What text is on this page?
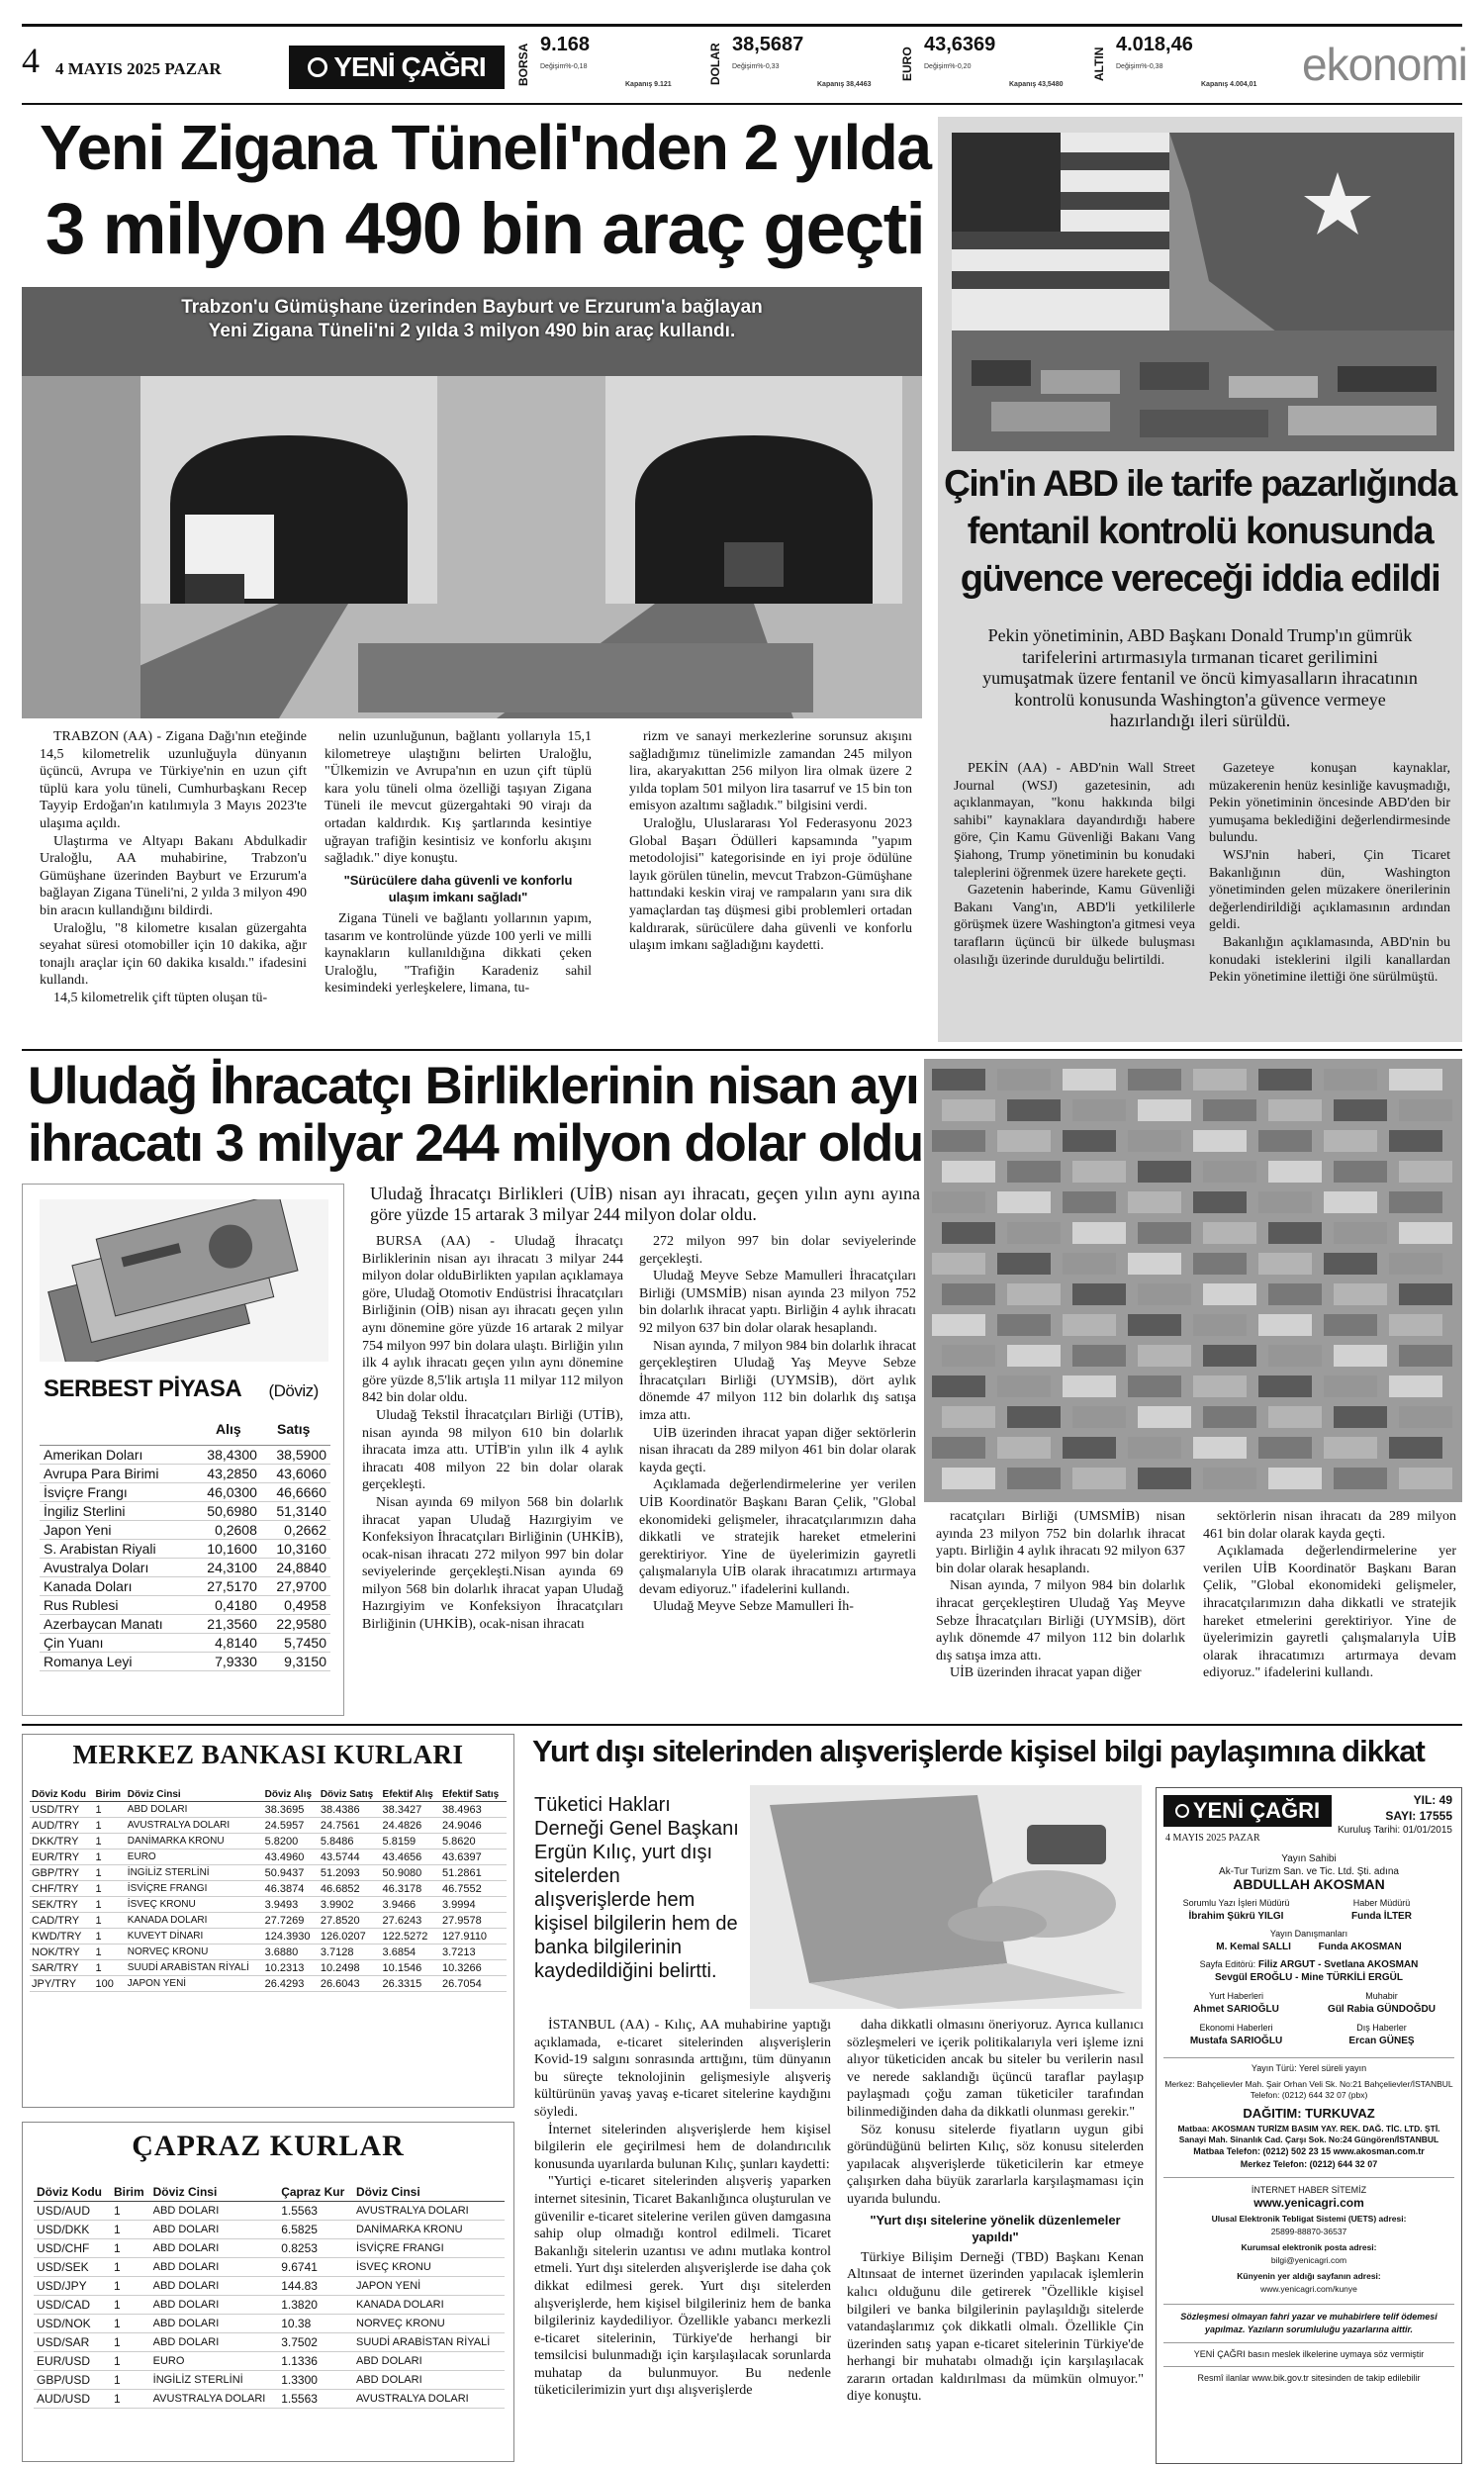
4 4 MAYIS 2025 PAZAR	YENİ ÇAĞRI	BORSA 9.168
Değişim%-0,18
Kapanış 9.121	DOLAR 38,5687
Değişim%-0,33
Kapanış 38,4463
EURO
43,6369
Değişim%-0,20
Kapanış 43,5480
ALTIN
4.018,46
Değişim%-0,38
Kapanış 4.004,01 ekonomi
Yeni Zigana Tüneli'nden 2 yılda
3 milyon 490 bin araç geçti
Trabzon'u Gümüşhane üzerinden Bayburt ve Erzurum'a bağlayan
Yeni Zigana Tüneli'ni 2 yılda 3 milyon 490 bin araç kullandı.

TRABZON (AA) - Zigana Dağı'nın eteğinde 14,5 kilometrelik uzunluğuyla dünyanın üçüncü, Avrupa ve Türkiye'nin en uzun çift tüplü kara yolu tüneli, Cumhurbaşkanı Recep Tayyip Erdoğan'ın katılımıyla 3 Mayıs 2023'te ulaşıma açıldı.

Ulaştırma ve Altyapı Bakanı Abdulkadir Uraloğlu, AA muhabirine, Trabzon'u Gümüşhane üzerinden Bayburt ve Erzurum'a bağlayan Zigana Tüneli'ni, 2 yılda 3 milyon 490 bin aracın kullandığını bildirdi.

Uraloğlu, "8 kilometre kısalan güzergahta seyahat süresi otomobiller için 10 dakika, ağır tonajlı araçlar için 60 dakika kısaldı." ifadesini kullandı.

14,5 kilometrelik çift tüpten oluşan tü-

nelin uzunluğunun, bağlantı yollarıyla 15,1 kilometreye ulaştığını belirten Uraloğlu, "Ülkemizin ve Avrupa'nın en uzun çift tüplü kara yolu tüneli olma özelliği taşıyan Zigana Tüneli ile mevcut güzergahtaki 90 virajı da ortadan kaldırdık. Kış şartlarında kesintiye uğrayan trafiğin kesintisiz ve konforlu akışını sağladık." diye konuştu.

"Sürücülere daha güvenli ve konforlu ulaşım imkanı sağladı"

Zigana Tüneli ve bağlantı yollarının yapım, tasarım ve kontrolünde yüzde 100 yerli ve milli kaynakların kullanıldığına dikkati çeken Uraloğlu, "Trafiğin Karadeniz sahil kesimindeki yerleşkelere, limana, tu-

rizm ve sanayi merkezlerine sorunsuz akışını sağladığımız tünelimizle zamandan 245 milyon lira, akaryakıttan 256 milyon lira olmak üzere 2 yılda toplam 501 milyon lira tasarruf ve 15 bin ton emisyon azaltımı sağladık." bilgisini verdi.

Uraloğlu, Uluslararası Yol Federasyonu 2023 Global Başarı Ödülleri kapsamında "yapım metodolojisi" kategorisinde en iyi proje ödülüne layık görülen tünelin, mevcut Trabzon-Gümüşhane hattındaki keskin viraj ve rampaların yanı sıra dik yamaçlardan taş düşmesi gibi problemleri ortadan kaldırarak, sürücülere daha güvenli ve konforlu ulaşım imkanı sağladığını kaydetti.

Çin'in ABD ile tarife pazarlığında
fentanil kontrolü konusunda
güvence vereceği iddia edildi
Pekin yönetiminin, ABD Başkanı Donald Trump'ın gümrük tarifelerini artırmasıyla tırmanan ticaret gerilimini yumuşatmak üzere fentanil ve öncü kimyasalların ihracatının kontrolü konusunda Washington'a güvence vermeye hazırlandığı ileri sürüldü.

PEKİN (AA) - ABD'nin Wall Street Journal (WSJ) gazetesinin, adı açıklanmayan, "konu hakkında bilgi sahibi" kaynaklara dayandırdığı habere göre, Çin Kamu Güvenliği Bakanı Vang Şiahong, Trump yönetiminin bu konudaki taleplerini öğrenmek üzere harekete geçti.

Gazetenin haberinde, Kamu Güvenliği Bakanı Vang'ın, ABD'li yetkililerle görüşmek üzere Washington'a gitmesi veya tarafların üçüncü bir ülkede buluşması olasılığı üzerinde durulduğu belirtildi.

Gazeteye konuşan kaynaklar, müzakerenin henüz kesinliğe kavuşmadığı, Pekin yönetiminin öncesinde ABD'den bir yumuşama beklediğini değerlendirmesinde bulundu.

WSJ'nin haberi, Çin Ticaret Bakanlığının dün, Washington yönetiminden gelen müzakere önerilerinin değerlendirildiği açıklamasının ardından geldi.

Bakanlığın açıklamasında, ABD'nin bu konudaki isteklerini ilgili kanallardan Pekin yönetimine ilettiği öne sürülmüştü.

Uludağ İhracatçı Birliklerinin nisan ayı
ihracatı 3 milyar 244 milyon dolar oldu
SERBEST PİYASA (Döviz)
Alış	Satış
Amerikan Doları	38,4300	38,5900
Avrupa Para Birimi	43,2850	43,6060
İsviçre Frangı	46,0300	46,6660
İngiliz Sterlini	50,6980	51,3140
Japon Yeni	0,2608	0,2662
S. Arabistan Riyali	10,1600	10,3160
Avustralya Doları	24,3100	24,8840
Kanada Doları	27,5170	27,9700
Rus Rublesi	0,4180	0,4958
Azerbaycan Manatı	21,3560	22,9580
Çin Yuanı	4,8140	5,7450
Romanya Leyi	7,9330	9,3150
Uludağ İhracatçı Birlikleri (UİB) nisan ayı ihracatı, geçen yılın aynı ayına göre yüzde 15 artarak 3 milyar 244 milyon dolar oldu.

BURSA (AA) - Uludağ İhracatçı Birliklerinin nisan ayı ihracatı 3 milyar 244 milyon dolar olduBirlikten yapılan açıklamaya göre, Uludağ Otomotiv Endüstrisi İhracatçıları Birliğinin (OİB) nisan ayı ihracatı geçen yılın aynı dönemine göre yüzde 16 artarak 2 milyar 754 milyon 997 bin dolara ulaştı. Birliğin yılın ilk 4 aylık ihracatı geçen yılın aynı dönemine göre yüzde 8,5'lik artışla 11 milyar 112 milyon 842 bin dolar oldu.

Uludağ Tekstil İhracatçıları Birliği (UTİB), nisan ayında 98 milyon 610 bin dolarlık ihracata imza attı. UTİB'in yılın ilk 4 aylık ihracatı 408 milyon 22 bin dolar olarak gerçekleşti.

Nisan ayında 69 milyon 568 bin dolarlık ihracat yapan Uludağ Hazırgiyim ve Konfeksiyon İhracatçıları Birliğinin (UHKİB), ocak-nisan ihracatı 272 milyon 997 bin dolar seviyelerinde gerçekleşti.Nisan ayında 69 milyon 568 bin dolarlık ihracat yapan Uludağ Hazırgiyim ve Konfeksiyon İhracatçıları Birliğinin (UHKİB), ocak-nisan ihracatı

272 milyon 997 bin dolar seviyelerinde gerçekleşti.

Uludağ Meyve Sebze Mamulleri İhracatçıları Birliği (UMSMİB) nisan ayında 23 milyon 752 bin dolarlık ihracat yaptı. Birliğin 4 aylık ihracatı 92 milyon 637 bin dolar olarak hesaplandı.

Nisan ayında, 7 milyon 984 bin dolarlık ihracat gerçekleştiren Uludağ Yaş Meyve Sebze İhracatçıları Birliği (UYMSİB), dört aylık dönemde 47 milyon 112 bin dolarlık dış satışa imza attı.

UİB üzerinden ihracat yapan diğer sektörlerin nisan ihracatı da 289 milyon 461 bin dolar olarak kayda geçti.

Açıklamada değerlendirmelerine yer verilen UİB Koordinatör Başkanı Baran Çelik, "Global ekonomideki gelişmeler, ihracatçılarımızın daha dikkatli ve stratejik hareket etmelerini gerektiriyor. Yine de üyelerimizin gayretli çalışmalarıyla UİB olarak ihracatımızı artırmaya devam ediyoruz." ifadelerini kullandı.

Uludağ Meyve Sebze Mamulleri İh-

racatçıları Birliği (UMSMİB) nisan ayında 23 milyon 752 bin dolarlık ihracat yaptı. Birliğin 4 aylık ihracatı 92 milyon 637 bin dolar olarak hesaplandı.

Nisan ayında, 7 milyon 984 bin dolarlık ihracat gerçekleştiren Uludağ Yaş Meyve Sebze İhracatçıları Birliği (UYMSİB), dört aylık dönemde 47 milyon 112 bin dolarlık dış satışa imza attı.

UİB üzerinden ihracat yapan diğer

sektörlerin nisan ihracatı da 289 milyon 461 bin dolar olarak kayda geçti.

Açıklamada değerlendirmelerine yer verilen UİB Koordinatör Başkanı Baran Çelik, "Global ekonomideki gelişmeler, ihracatçılarımızın daha dikkatli ve stratejik hareket etmelerini gerektiriyor. Yine de üyelerimizin gayretli çalışmalarıyla UİB olarak ihracatımızı artırmaya devam ediyoruz." ifadelerini kullandı.

MERKEZ BANKASI KURLARI
Döviz Kodu	Birim	Döviz Cinsi	Döviz Alış	Döviz Satış	Efektif Alış	Efektif Satış
USD/TRY	1	ABD DOLARI	38.3695	38.4386	38.3427	38.4963
AUD/TRY	1	AVUSTRALYA DOLARI	24.5957	24.7561	24.4826	24.9046
DKK/TRY	1	DANİMARKA KRONU	5.8200	5.8486	5.8159	5.8620
EUR/TRY	1	EURO	43.4960	43.5744	43.4656	43.6397
GBP/TRY	1	İNGİLİZ STERLİNİ	50.9437	51.2093	50.9080	51.2861
CHF/TRY	1	İSVİÇRE FRANGI	46.3874	46.6852	46.3178	46.7552
SEK/TRY	1	İSVEÇ KRONU	3.9493	3.9902	3.9466	3.9994
CAD/TRY	1	KANADA DOLARI	27.7269	27.8520	27.6243	27.9578
KWD/TRY	1	KUVEYT DİNARI	124.3930	126.0207	122.5272	127.9110
NOK/TRY	1	NORVEÇ KRONU	3.6880	3.7128	3.6854	3.7213
SAR/TRY	1	SUUDİ ARABİSTAN RİYALİ	10.2313	10.2498	10.1546	10.3266
JPY/TRY	100	JAPON YENİ	26.4293	26.6043	26.3315	26.7054
ÇAPRAZ KURLAR
Döviz Kodu	Birim	Döviz Cinsi	Çapraz Kur	Döviz Cinsi
USD/AUD	1	ABD DOLARI	1.5563	AVUSTRALYA DOLARI
USD/DKK	1	ABD DOLARI	6.5825	DANİMARKA KRONU
USD/CHF	1	ABD DOLARI	0.8253	İSVİÇRE FRANGI
USD/SEK	1	ABD DOLARI	9.6741	İSVEÇ KRONU
USD/JPY	1	ABD DOLARI	144.83	JAPON YENİ
USD/CAD	1	ABD DOLARI	1.3820	KANADA DOLARI
USD/NOK	1	ABD DOLARI	10.38	NORVEÇ KRONU
USD/SAR	1	ABD DOLARI	3.7502	SUUDİ ARABİSTAN RİYALİ
EUR/USD	1	EURO	1.1336	ABD DOLARI
GBP/USD	1	İNGİLİZ STERLİNİ	1.3300	ABD DOLARI
AUD/USD	1	AVUSTRALYA DOLARI	1.5563	AVUSTRALYA DOLARI
Yurt dışı sitelerinden alışverişlerde kişisel bilgi paylaşımına dikkat
Tüketici Hakları Derneği Genel Başkanı Ergün Kılıç, yurt dışı sitelerden alışverişlerde hem kişisel bilgilerin hem de banka bilgilerinin kaydedildiğini belirtti.

İSTANBUL (AA) - Kılıç, AA muhabirine yaptığı açıklamada, e-ticaret sitelerinden alışverişlerin Kovid-19 salgını sonrasında arttığını, tüm dünyanın bu süreçte teknolojinin gelişmesiyle alışveriş kültürünün yavaş yavaş e-ticaret sitelerine kaydığını söyledi.

İnternet sitelerinden alışverişlerde hem kişisel bilgilerin ele geçirilmesi hem de dolandırıcılık konusunda uyarılarda bulunan Kılıç, şunları kaydetti:

"Yurtiçi e-ticaret sitelerinden alışveriş yaparken internet sitesinin, Ticaret Bakanlığınca oluşturulan ve güvenilir e-ticaret sitelerine verilen güven damgasına sahip olup olmadığı kontrol edilmeli. Ticaret Bakanlığı sitelerin uzantısı ve adını mutlaka kontrol etmeli. Yurt dışı sitelerden alışverişlerde ise daha çok dikkat edilmesi gerek. Yurt dışı sitelerden alışverişlerde, hem kişisel bilgileriniz hem de banka bilgileriniz kaydediliyor. Özellikle yabancı merkezli e-ticaret sitelerinin, Türkiye'de herhangi bir temsilcisi bulunmadığı için karşılaşılacak sorunlarda muhatap da bulunmuyor. Bu nedenle tüketicilerimizin yurt dışı alışverişlerde

daha dikkatli olmasını öneriyoruz. Ayrıca kullanıcı sözleşmeleri ve içerik politikalarıyla veri işleme izni alıyor tüketiciden ancak bu siteler bu verilerin nasıl ve nerede saklandığı üçüncü taraflar paylaşıp paylaşmadı çoğu zaman tüketiciler tarafından bilinmediğinden daha da dikkatli olunması gerekir."

Söz konusu sitelerde fiyatların uygun gibi göründüğünü belirten Kılıç, söz konusu sitelerden yapılacak alışverişlerde tüketicilerin kar etmeye çalışırken daha büyük zararlarla karşılaşmaması için uyarıda bulundu.

"Yurt dışı sitelerine yönelik düzenlemeler yapıldı"

Türkiye Bilişim Derneği (TBD) Başkanı Kenan Altınsaat de internet üzerinden yapılacak işlemlerin kalıcı olduğunu dile getirerek "Özellikle kişisel bilgileri ve banka bilgilerinin paylaşıldığı sitelerde vatandaşlarımız çok dikkatli olmalı. Özellikle Çin üzerinden satış yapan e-ticaret sitelerinin Türkiye'de herhangi bir muhatabı olmadığı için karşılaşılacak zararın ortadan kaldırılması da mümkün olmuyor." diye konuştu.

YENİ ÇAĞRI
4 MAYIS 2025 PAZAR
YIL: 49
SAYI: 17555
Kuruluş Tarihi: 01/01/2015
Yayın Sahibi
Ak-Tur Turizm San. ve Tic. Ltd. Şti. adına
ABDULLAH AKOSMAN
Sorumlu Yazı İşleri Müdürü
İbrahim Şükrü YILGI
Haber Müdürü
Funda İLTER
Yayın Danışmanları
M. Kemal SALLI          Funda AKOSMAN
Sayfa Editörü: Filiz ARGUT - Svetlana AKOSMAN
Sevgül EROĞLU - Mine TÜRKİLİ ERGÜL
Yurt Haberleri
Ahmet SARIOĞLU
Muhabir
Gül Rabia GÜNDOĞDU
Ekonomi Haberleri
Mustafa SARIOĞLU
Dış Haberler
Ercan GÜNEŞ
Yayın Türü: Yerel süreli yayın
Merkez: Bahçelievler Mah. Şair Orhan Veli Sk. No:21 Bahçelievler/İSTANBUL Telefon: (0212) 644 32 07 (pbx)
DAĞITIM: TURKUVAZ
Matbaa: AKOSMAN TURİZM BASIM YAY. REK. DAĞ. TİC. LTD. ŞTİ. Sanayi Mah. Sinanlık Cad. Çarşı Sok. No:24 Güngören/İSTANBUL
Matbaa Telefon: (0212) 502 23 15 www.akosman.com.tr
Merkez Telefon: (0212) 644 32 07
İNTERNET HABER SİTEMİZ
www.yenicagri.com
Ulusal Elektronik Tebligat Sistemi (UETS) adresi:
25899-88870-36537
Kurumsal elektronik posta adresi:
bilgi@yenicagri.com
Künyenin yer aldığı sayfanın adresi:
www.yenicagri.com/kunye
Sözleşmesi olmayan fahri yazar ve muhabirlere telif ödemesi yapılmaz. Yazıların sorumluluğu yazarlarına aittir.
YENİ ÇAĞRI basın meslek ilkelerine uymaya söz vermiştir
Resmî ilanlar www.bik.gov.tr sitesinden de takip edilebilir
